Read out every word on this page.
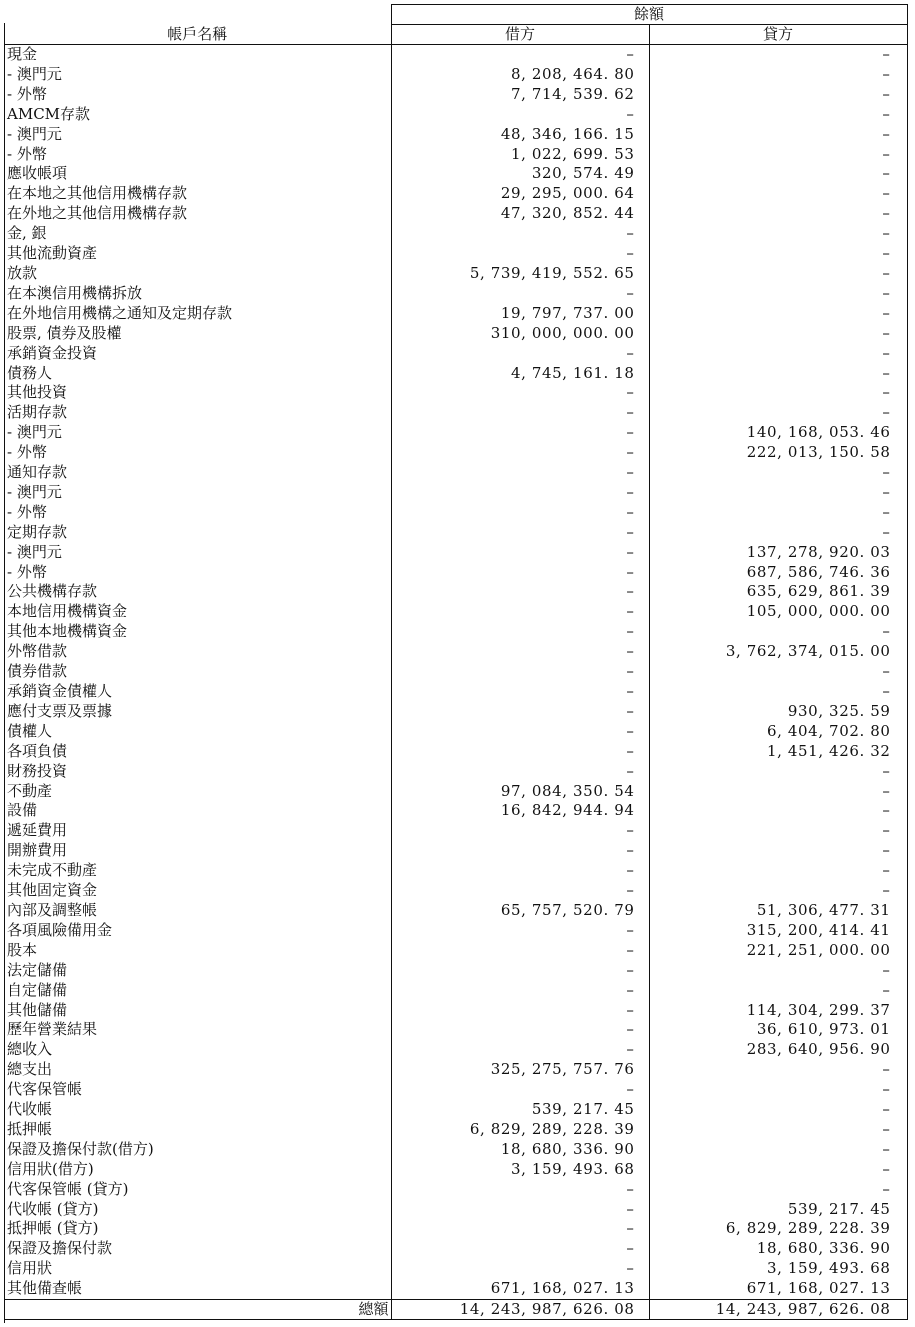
	餘額	
帳戶名稱	借方	貸方
現金	–	–
- 澳門元	8, 208, 464. 80	–
- 外幣	7, 714, 539. 62	–
AMCM存款	–	–
- 澳門元	48, 346, 166. 15	–
- 外幣	1, 022, 699. 53	–
應收帳項	320, 574. 49	–
在本地之其他信用機構存款	29, 295, 000. 64	–
在外地之其他信用機構存款	47, 320, 852. 44	–
金, 銀	–	–
其他流動資產	–	–
放款	5, 739, 419, 552. 65	–
在本澳信用機構拆放	–	–
在外地信用機構之通知及定期存款	19, 797, 737. 00	–
股票, 債券及股權	310, 000, 000. 00	–
承銷資金投資	–	–
債務人	4, 745, 161. 18	–
其他投資	–	–
活期存款	–	–
- 澳門元	–	140, 168, 053. 46
- 外幣	–	222, 013, 150. 58
通知存款	–	–
- 澳門元	–	–
- 外幣	–	–
定期存款	–	–
- 澳門元	–	137, 278, 920. 03
- 外幣	–	687, 586, 746. 36
公共機構存款	–	635, 629, 861. 39
本地信用機構資金	–	105, 000, 000. 00
其他本地機構資金	–	–
外幣借款	–	3, 762, 374, 015. 00
債券借款	–	–
承銷資金債權人	–	–
應付支票及票據	–	930, 325. 59
債權人	–	6, 404, 702. 80
各項負債	–	1, 451, 426. 32
財務投資	–	–
不動產	97, 084, 350. 54	–
設備	16, 842, 944. 94	–
遞延費用	–	–
開辦費用	–	–
未完成不動產	–	–
其他固定資金	–	–
內部及調整帳	65, 757, 520. 79	51, 306, 477. 31
各項風險備用金	–	315, 200, 414. 41
股本	–	221, 251, 000. 00
法定儲備	–	–
自定儲備	–	–
其他儲備	–	114, 304, 299. 37
歷年營業結果	–	36, 610, 973. 01
總收入	–	283, 640, 956. 90
總支出	325, 275, 757. 76	–
代客保管帳	–	–
代收帳	539, 217. 45	–
抵押帳	6, 829, 289, 228. 39	–
保證及擔保付款(借方)	18, 680, 336. 90	–
信用狀(借方)	3, 159, 493. 68	–
代客保管帳 (貸方)	–	–
代收帳 (貸方)	–	539, 217. 45
抵押帳 (貸方)	–	6, 829, 289, 228. 39
保證及擔保付款	–	18, 680, 336. 90
信用狀	–	3, 159, 493. 68
其他備查帳	671, 168, 027. 13	671, 168, 027. 13
總額	14, 243, 987, 626. 08	14, 243, 987, 626. 08
